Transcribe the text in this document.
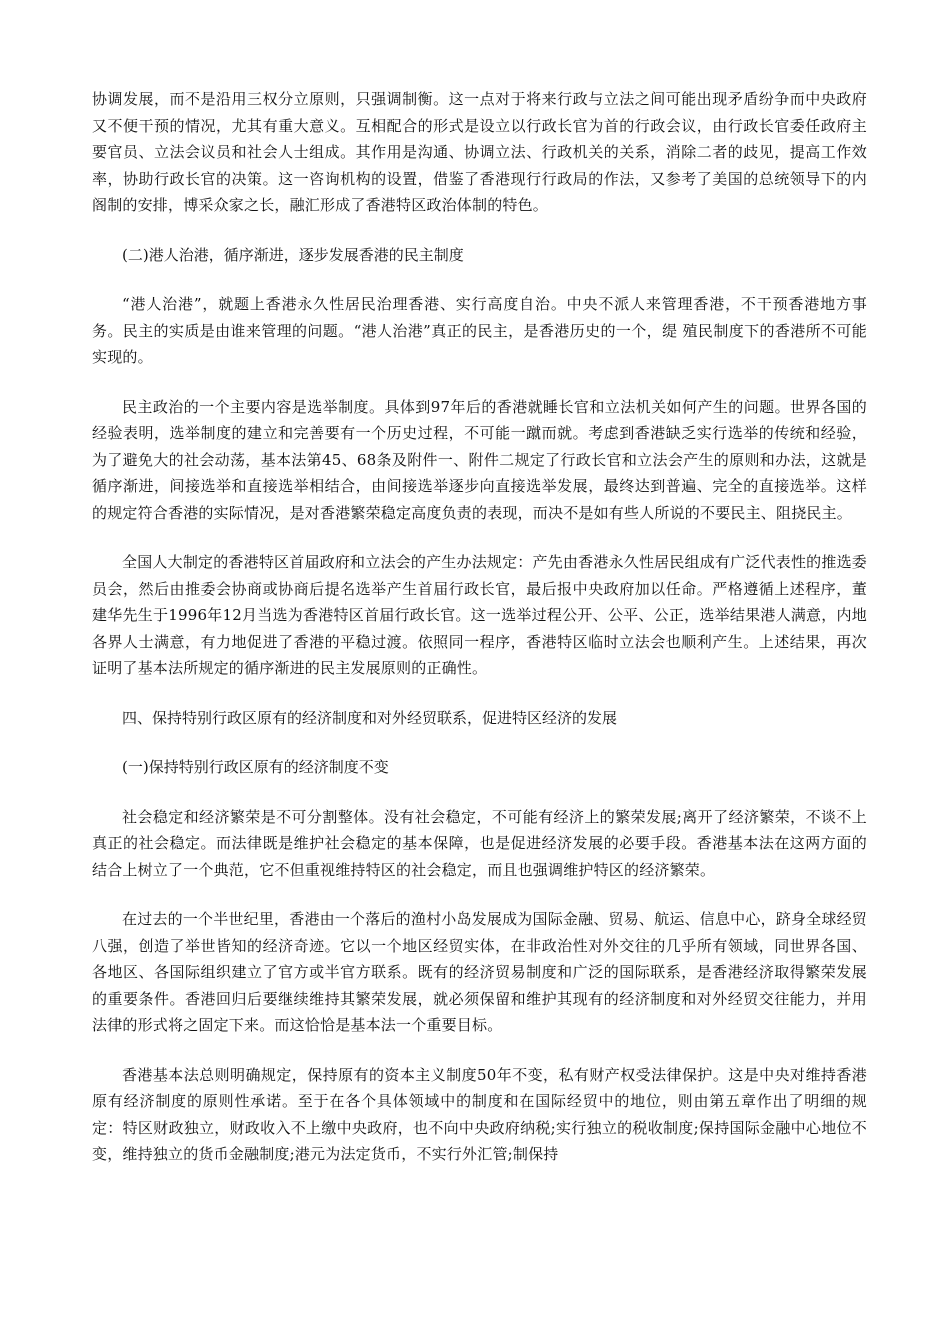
协调发展，而不是沿用三权分立原则，只强调制衡。这一点对于将来行政与立法之间可能出现矛盾纷争而中央政府又不便干预的情况，尤其有重大意义。互相配合的形式是设立以行政长官为首的行政会议，由行政长官委任政府主要官员、立法会议员和社会人士组成。其作用是沟通、协调立法、行政机关的关系，消除二者的歧见，提高工作效率，协助行政长官的决策。这一咨询机构的设置，借鉴了香港现行行政局的作法，又参考了美国的总统领导下的内阁制的安排，博采众家之长，融汇形成了香港特区政治体制的特色。

(二)港人治港，循序渐进，逐步发展香港的民主制度

“港人治港”，就题上香港永久性居民治理香港、实行高度自治。中央不派人来管理香港，不干预香港地方事务。民主的实质是由谁来管理的问题。“港人治港”真正的民主，是香港历史的一个，缇 殖民制度下的香港所不可能实现的。

民主政治的一个主要内容是选举制度。具体到97年后的香港就睡长官和立法机关如何产生的问题。世界各国的经验表明，选举制度的建立和完善要有一个历史过程，不可能一蹴而就。考虑到香港缺乏实行选举的传统和经验，为了避免大的社会动荡，基本法第45、68条及附件一、附件二规定了行政长官和立法会产生的原则和办法，这就是循序渐进，间接选举和直接选举相结合，由间接选举逐步向直接选举发展，最终达到普遍、完全的直接选举。这样的规定符合香港的实际情况，是对香港繁荣稳定高度负责的表现，而决不是如有些人所说的不要民主、阻挠民主。

全国人大制定的香港特区首届政府和立法会的产生办法规定：产先由香港永久性居民组成有广泛代表性的推选委员会，然后由推委会协商或协商后提名选举产生首届行政长官，最后报中央政府加以任命。严格遵循上述程序，董建华先生于1996年12月当选为香港特区首届行政长官。这一选举过程公开、公平、公正，选举结果港人满意，内地各界人士满意，有力地促进了香港的平稳过渡。依照同一程序，香港特区临时立法会也顺利产生。上述结果，再次证明了基本法所规定的循序渐进的民主发展原则的正确性。

四、保持特别行政区原有的经济制度和对外经贸联系，促进特区经济的发展

(一)保持特别行政区原有的经济制度不变

社会稳定和经济繁荣是不可分割整体。没有社会稳定，不可能有经济上的繁荣发展;离开了经济繁荣，不谈不上真正的社会稳定。而法律既是维护社会稳定的基本保障，也是促进经济发展的必要手段。香港基本法在这两方面的结合上树立了一个典范，它不但重视维持特区的社会稳定，而且也强调维护特区的经济繁荣。

在过去的一个半世纪里，香港由一个落后的渔村小岛发展成为国际金融、贸易、航运、信息中心，跻身全球经贸八强，创造了举世皆知的经济奇迹。它以一个地区经贸实体，在非政治性对外交往的几乎所有领域，同世界各国、各地区、各国际组织建立了官方或半官方联系。既有的经济贸易制度和广泛的国际联系，是香港经济取得繁荣发展的重要条件。香港回归后要继续维持其繁荣发展，就必须保留和维护其现有的经济制度和对外经贸交往能力，并用法律的形式将之固定下来。而这恰恰是基本法一个重要目标。

香港基本法总则明确规定，保持原有的资本主义制度50年不变，私有财产权受法律保护。这是中央对维持香港原有经济制度的原则性承诺。至于在各个具体领域中的制度和在国际经贸中的地位，则由第五章作出了明细的规定：特区财政独立，财政收入不上缴中央政府，也不向中央政府纳税;实行独立的税收制度;保持国际金融中心地位不变，维持独立的货币金融制度;港元为法定货币，不实行外汇管;制保持
